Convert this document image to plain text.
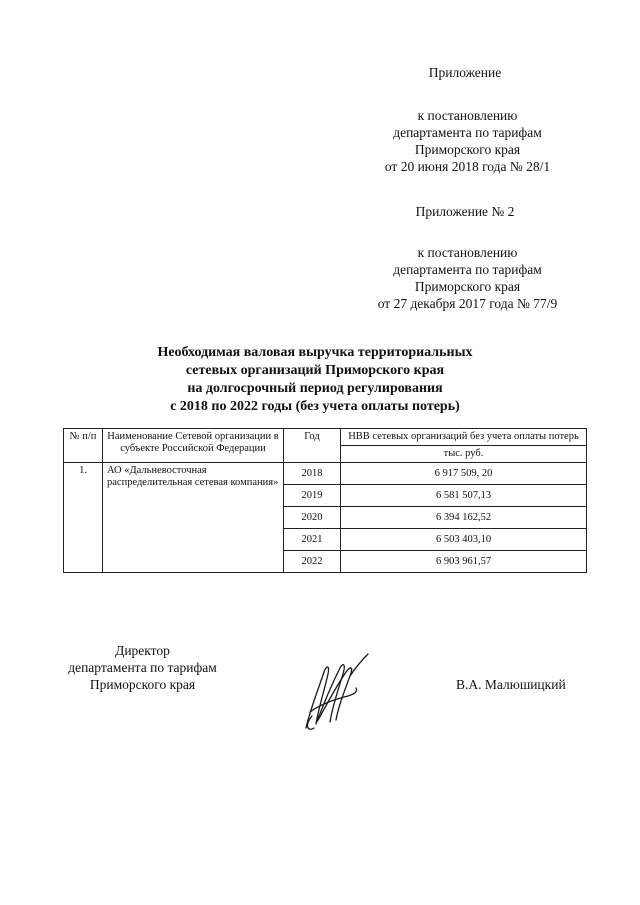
Приложение
к постановлению
департамента по тарифам
Приморского края
от 20 июня 2018 года № 28/1
Приложение № 2
к постановлению
департамента по тарифам
Приморского края
от 27 декабря 2017 года № 77/9
Необходимая валовая выручка территориальных
сетевых организаций Приморского края
на долгосрочный период регулирования
с 2018 по 2022 годы (без учета оплаты потерь)
№ п/п	Наименование Сетевой организации в субъекте Российской Федерации	Год	НВВ сетевых организаций без учета оплаты потерь
			тыс. руб.
1.	АО «Дальневосточная распределительная сетевая компания»	2018	6 917 509, 20
		2019	6 581 507,13
		2020	6 394 162,52
		2021	6 503 403,10
		2022	6 903 961,57
Директор
департамента по тарифам
Приморского края	В.А. Малюшицкий
